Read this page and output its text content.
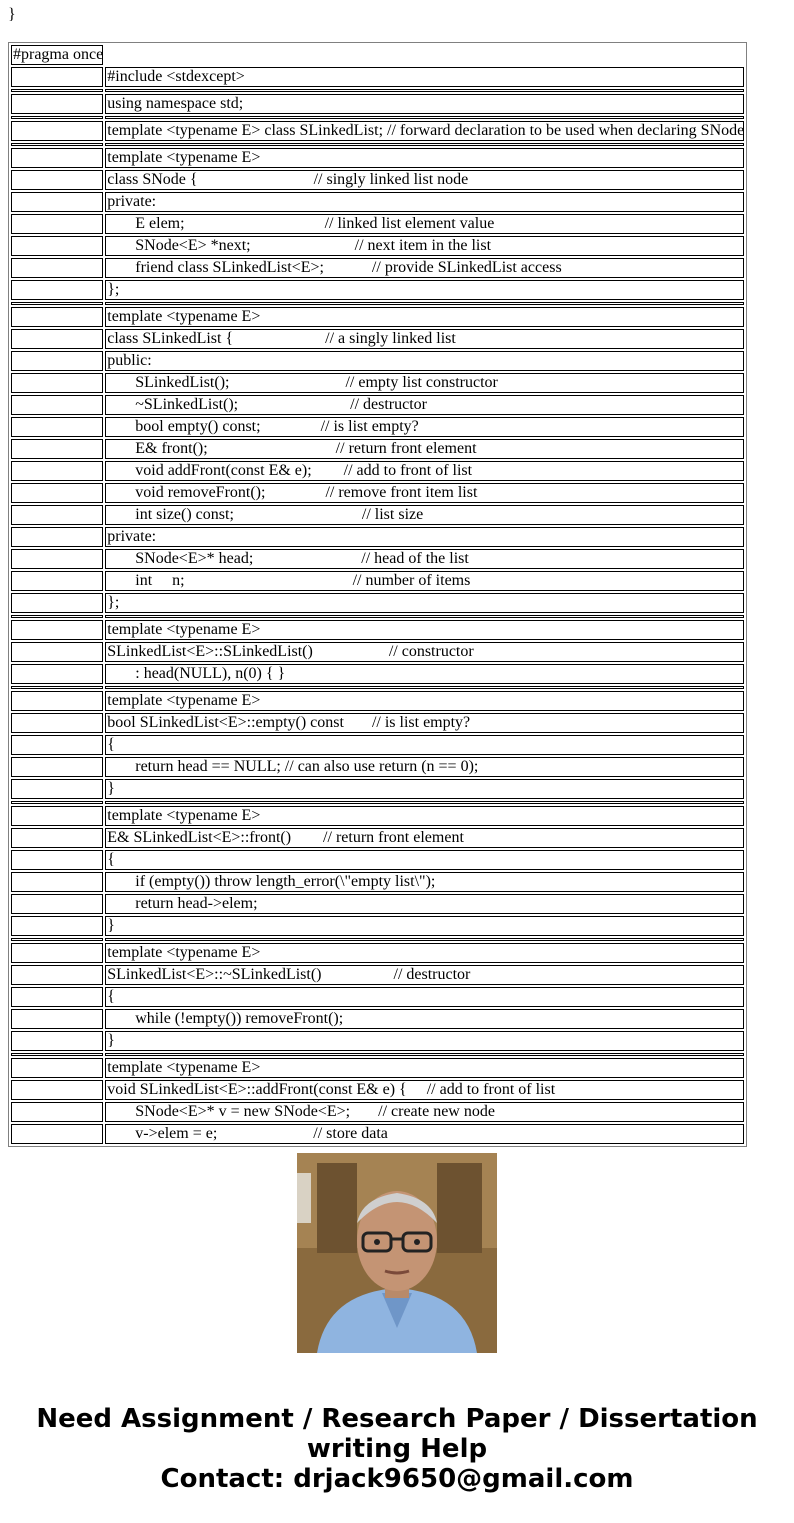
}
#pragma once	
	#include <stdexcept>

	using namespace std;

	template <typename E> class SLinkedList; // forward declaration to be used when declaring SNode

	template <typename E>
	class SNode {                             // singly linked list node
	private:
	E elem;                                   // linked list element value
	SNode<E> *next;                          // next item in the list
	friend class SLinkedList<E>;            // provide SLinkedList access
	};

	template <typename E>
	class SLinkedList {                       // a singly linked list
	public:
	SLinkedList();                             // empty list constructor
	~SLinkedList();                            // destructor
	bool empty() const;               // is list empty?
	E& front();                                // return front element
	void addFront(const E& e);        // add to front of list
	void removeFront();               // remove front item list
	int size() const;                                // list size
	private:
	SNode<E>* head;                           // head of the list
	int     n;                                          // number of items
	};

	template <typename E>
	SLinkedList<E>::SLinkedList()                   // constructor
	: head(NULL), n(0) { }

	template <typename E>
	bool SLinkedList<E>::empty() const       // is list empty?
	{
	return head == NULL; // can also use return (n == 0);
	}

	template <typename E>
	E& SLinkedList<E>::front()        // return front element
	{
	if (empty()) throw length_error(\"empty list\");
	return head->elem;
	}

	template <typename E>
	SLinkedList<E>::~SLinkedList()                  // destructor
	{
	while (!empty()) removeFront();
	}

	template <typename E>
	void SLinkedList<E>::addFront(const E& e) {     // add to front of list
	SNode<E>* v = new SNode<E>;       // create new node
	v->elem = e;                        // store data
Need Assignment / Research Paper / Dissertation
writing Help
Contact: drjack9650@gmail.com
